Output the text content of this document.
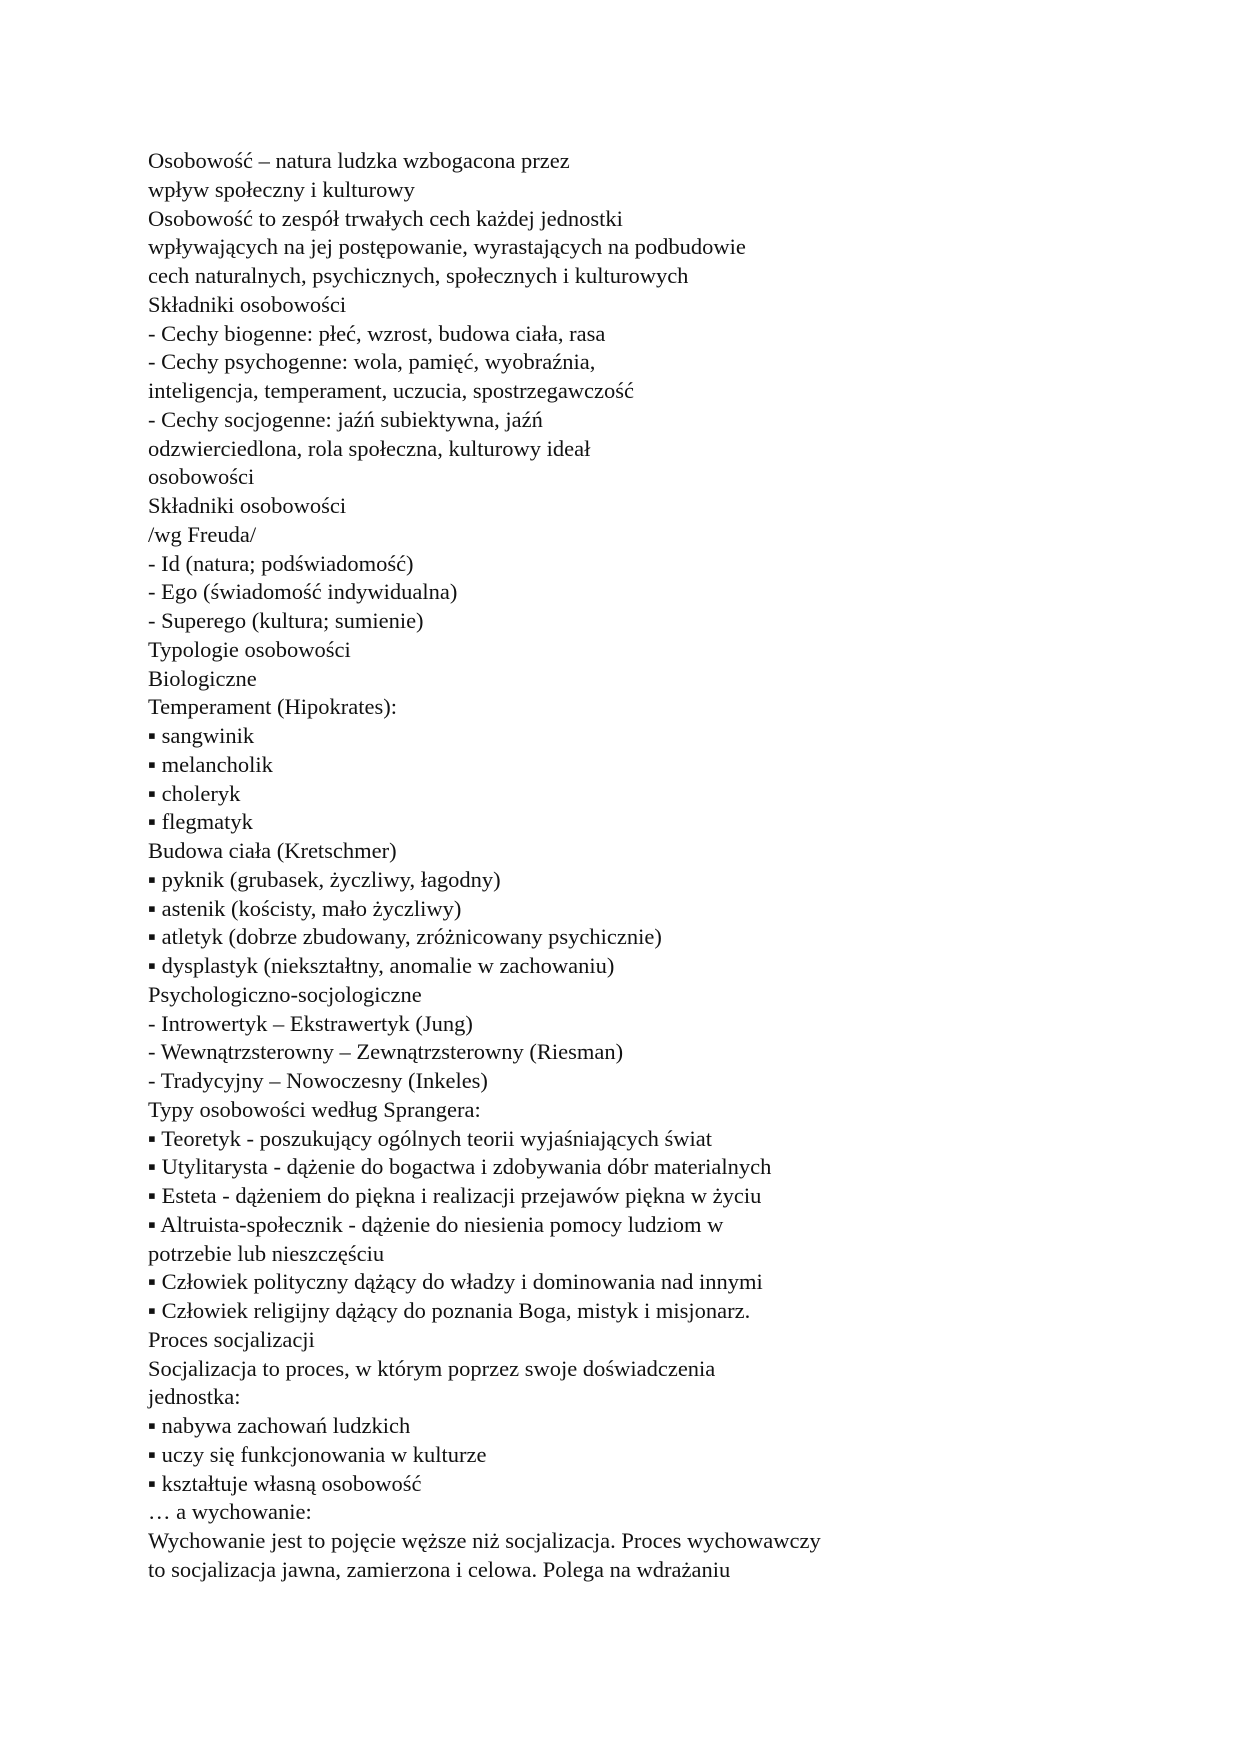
Osobowość – natura ludzka wzbogacona przez
wpływ społeczny i kulturowy
Osobowość to zespół trwałych cech każdej jednostki
wpływających na jej postępowanie, wyrastających na podbudowie
cech naturalnych, psychicznych, społecznych i kulturowych
Składniki osobowości
- Cechy biogenne: płeć, wzrost, budowa ciała, rasa
- Cechy psychogenne: wola, pamięć, wyobraźnia,
inteligencja, temperament, uczucia, spostrzegawczość
- Cechy socjogenne: jaźń subiektywna, jaźń
odzwierciedlona, rola społeczna, kulturowy ideał
osobowości
Składniki osobowości
/wg Freuda/
- Id (natura; podświadomość)
- Ego (świadomość indywidualna)
- Superego (kultura; sumienie)
Typologie osobowości
Biologiczne
Temperament (Hipokrates):
▪ sangwinik
▪ melancholik
▪ choleryk
▪ flegmatyk
Budowa ciała (Kretschmer)
▪ pyknik (grubasek, życzliwy, łagodny)
▪ astenik (kościsty, mało życzliwy)
▪ atletyk (dobrze zbudowany, zróżnicowany psychicznie)
▪ dysplastyk (niekształtny, anomalie w zachowaniu)
Psychologiczno-socjologiczne
- Introwertyk – Ekstrawertyk (Jung)
- Wewnątrzsterowny – Zewnątrzsterowny (Riesman)
- Tradycyjny – Nowoczesny (Inkeles)
Typy osobowości według Sprangera:
▪ Teoretyk - poszukujący ogólnych teorii wyjaśniających świat
▪ Utylitarysta - dążenie do bogactwa i zdobywania dóbr materialnych
▪ Esteta - dążeniem do piękna i realizacji przejawów piękna w życiu
▪ Altruista-społecznik - dążenie do niesienia pomocy ludziom w
potrzebie lub nieszczęściu
▪ Człowiek polityczny dążący do władzy i dominowania nad innymi
▪ Człowiek religijny dążący do poznania Boga, mistyk i misjonarz.
Proces socjalizacji
Socjalizacja to proces, w którym poprzez swoje doświadczenia
jednostka:
▪ nabywa zachowań ludzkich
▪ uczy się funkcjonowania w kulturze
▪ kształtuje własną osobowość
… a wychowanie:
Wychowanie jest to pojęcie węższe niż socjalizacja. Proces wychowawczy
to socjalizacja jawna, zamierzona i celowa. Polega na wdrażaniu
